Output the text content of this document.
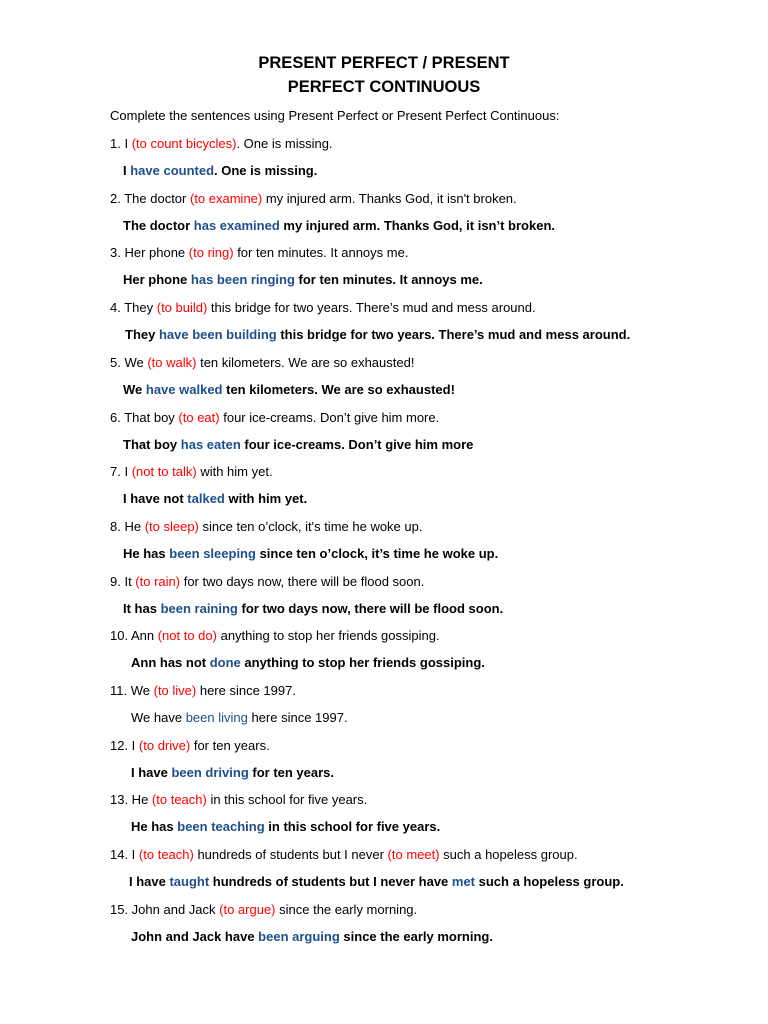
PRESENT PERFECT / PRESENT
PERFECT CONTINUOUS
Complete the sentences using Present Perfect or Present Perfect Continuous:
1. I (to count bicycles). One is missing.
I have counted. One is missing.
2. The doctor (to examine) my injured arm. Thanks God, it isn't broken.
The doctor has examined my injured arm. Thanks God, it isn’t broken.
3. Her phone (to ring) for ten minutes. It annoys me.
Her phone has been ringing for ten minutes. It annoys me.
4. They (to build) this bridge for two years. There’s mud and mess around.
They have been building this bridge for two years. There’s mud and mess around.
5. We (to walk) ten kilometers. We are so exhausted!
We have walked ten kilometers. We are so exhausted!
6. That boy (to eat) four ice-creams. Don’t give him more.
That boy has eaten four ice-creams. Don’t give him more
7. I (not to talk) with him yet.
I have not talked with him yet.
8. He (to sleep) since ten o’clock, it's time he woke up.
He has been sleeping since ten o’clock, it’s time he woke up.
9. It (to rain) for two days now, there will be flood soon.
It has been raining for two days now, there will be flood soon.
10. Ann (not to do) anything to stop her friends gossiping.
Ann has not done anything to stop her friends gossiping.
11. We (to live) here since 1997.
We have been living here since 1997.
12. I (to drive) for ten years.
I have been driving for ten years.
13. He (to teach) in this school for five years.
He has been teaching in this school for five years.
14. I (to teach) hundreds of students but I never (to meet) such a hopeless group.
I have taught hundreds of students but I never have met such a hopeless group.
15. John and Jack (to argue) since the early morning.
John and Jack have been arguing since the early morning.
